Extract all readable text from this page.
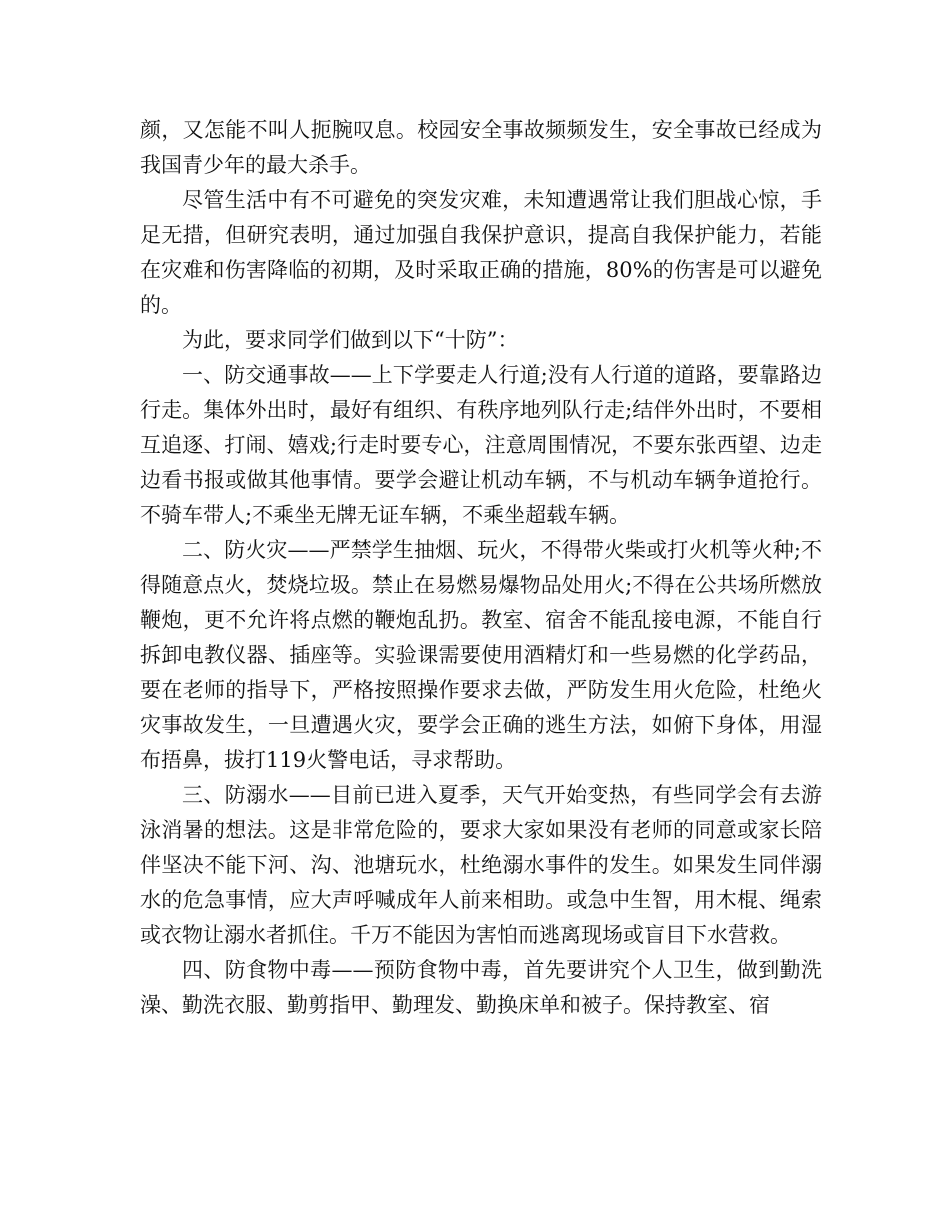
颜，又怎能不叫人扼腕叹息。校园安全事故频频发生，安全事故已经成为我国青少年的最大杀手。

尽管生活中有不可避免的突发灾难，未知遭遇常让我们胆战心惊，手足无措，但研究表明，通过加强自我保护意识，提高自我保护能力，若能在灾难和伤害降临的初期，及时采取正确的措施，80%的伤害是可以避免的。

为此，要求同学们做到以下“十防”：

一、防交通事故——上下学要走人行道;没有人行道的道路，要靠路边行走。集体外出时，最好有组织、有秩序地列队行走;结伴外出时，不要相互追逐、打闹、嬉戏;行走时要专心，注意周围情况，不要东张西望、边走边看书报或做其他事情。要学会避让机动车辆，不与机动车辆争道抢行。不骑车带人;不乘坐无牌无证车辆，不乘坐超载车辆。

二、防火灾——严禁学生抽烟、玩火，不得带火柴或打火机等火种;不得随意点火，焚烧垃圾。禁止在易燃易爆物品处用火;不得在公共场所燃放鞭炮，更不允许将点燃的鞭炮乱扔。教室、宿舍不能乱接电源，不能自行拆卸电教仪器、插座等。实验课需要使用酒精灯和一些易燃的化学药品，要在老师的指导下，严格按照操作要求去做，严防发生用火危险，杜绝火灾事故发生，一旦遭遇火灾，要学会正确的逃生方法，如俯下身体，用湿布捂鼻，拔打119火警电话，寻求帮助。

三、防溺水——目前已进入夏季，天气开始变热，有些同学会有去游泳消暑的想法。这是非常危险的，要求大家如果没有老师的同意或家长陪伴坚决不能下河、沟、池塘玩水，杜绝溺水事件的发生。如果发生同伴溺水的危急事情，应大声呼喊成年人前来相助。或急中生智，用木棍、绳索或衣物让溺水者抓住。千万不能因为害怕而逃离现场或盲目下水营救。

四、防食物中毒——预防食物中毒，首先要讲究个人卫生，做到勤洗澡、勤洗衣服、勤剪指甲、勤理发、勤换床单和被子。保持教室、宿
